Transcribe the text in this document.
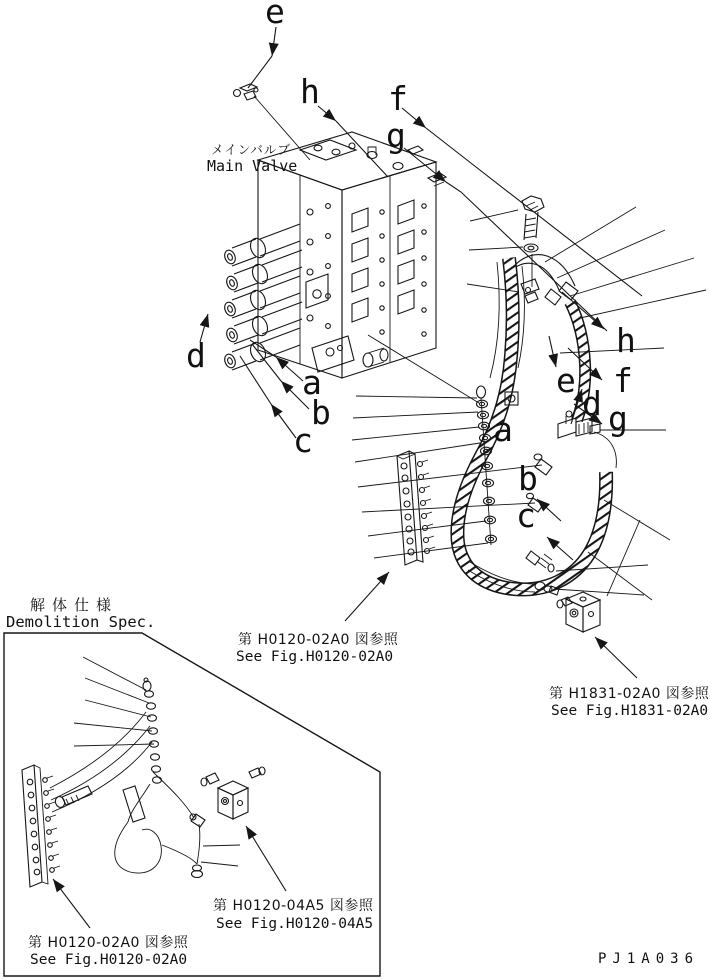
e
h f
g
d
a
b
c
メインバルブ
Main Valve
h
e f
d g
a
b
c
第 H0120-02A0 図参照
See Fig.H0120-02A0
第 H1831-02A0 図参照
See Fig.H1831-02A0
解体仕様
Demolition Spec.
第 H0120-02A0 図参照
See Fig.H0120-02A0
第 H0120-04A5 図参照
See Fig.H0120-04A5
PJ1A036
